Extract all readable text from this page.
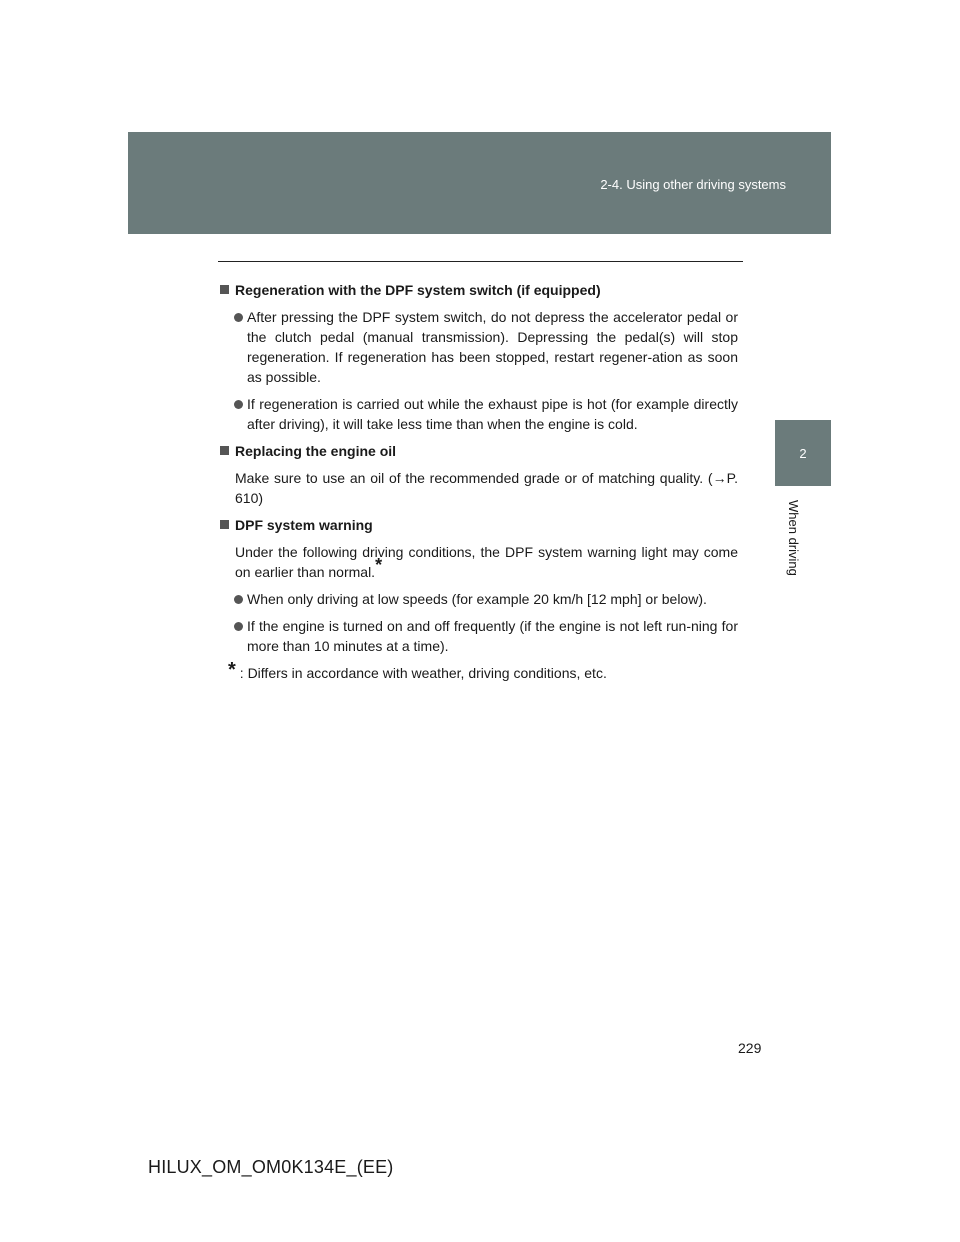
2-4. Using other driving systems
2
When driving
Regeneration with the DPF system switch (if equipped)
After pressing the DPF system switch, do not depress the accelerator pedal or the clutch pedal (manual transmission). Depressing the pedal(s) will stop regeneration. If regeneration has been stopped, restart regener-ation as soon as possible.
If regeneration is carried out while the exhaust pipe is hot (for example directly after driving), it will take less time than when the engine is cold.
Replacing the engine oil
Make sure to use an oil of the recommended grade or of matching quality. (→P. 610)
DPF system warning
Under the following driving conditions, the DPF system warning light may come on earlier than normal.*
When only driving at low speeds (for example 20 km/h [12 mph] or below).
If the engine is turned on and off frequently (if the engine is not left run-ning for more than 10 minutes at a time).
* : Differs in accordance with weather, driving conditions, etc.
229
HILUX_OM_OM0K134E_(EE)
